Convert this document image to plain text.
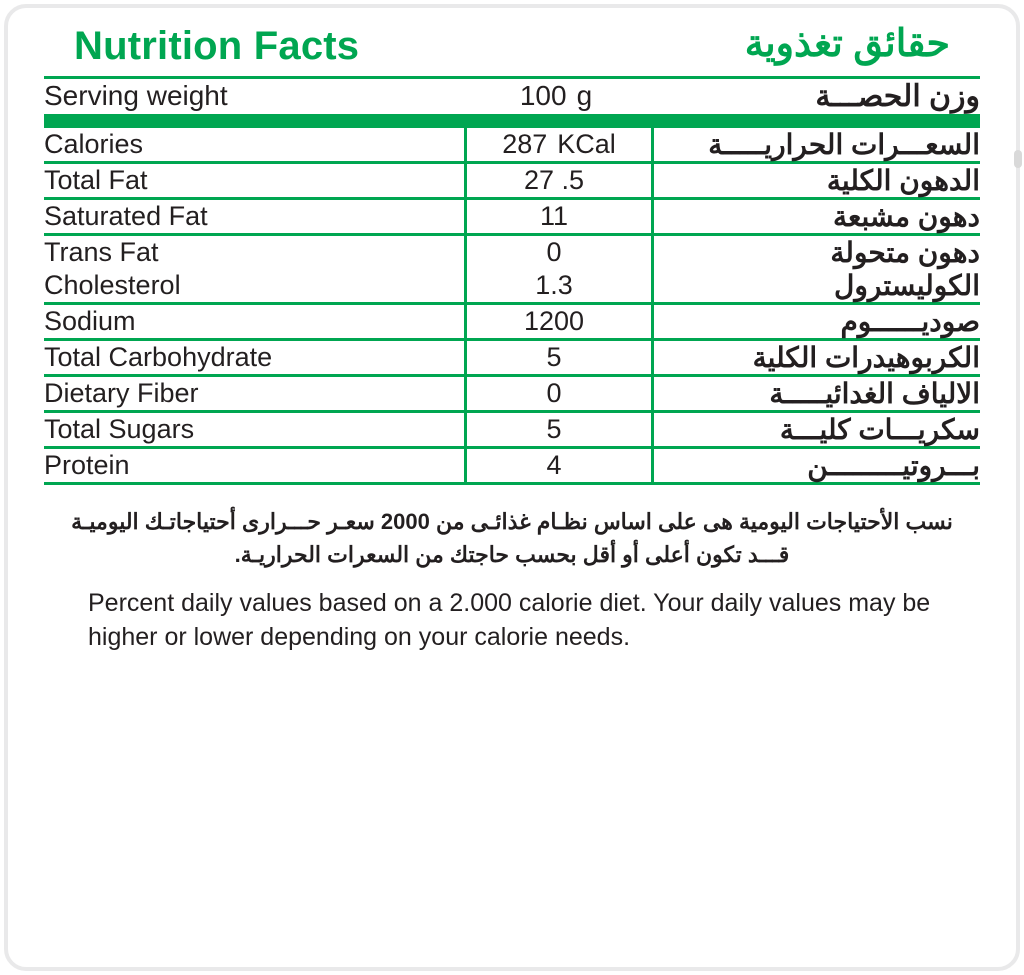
Nutrition Facts	حقائق تغذوية
Serving weight	100 g	وزن الحصـــة
Calories	287 KCal	السعـــرات الحرارﻳـــــة
Total Fat	27 .5	الدهون الكلية
Saturated Fat	11	دهون مشبعة
Trans Fat	0	دهون متحولة
Cholesterol	1.3	الكوليسترول
Sodium	1200	صودﻳــــــوم
Total Carbohydrate	5	الكربوهيدرات الكلية
Dietary Fiber	0	الالياف الغدائيـــــة
Total Sugars	5	سكرﻳـــات كليـــة
Protein	4	بـــروتيـــــــــن
نسب الأحتياجات اليومية هى على اساس نظـام غذائـى من 2000 سعـر حـــرارى أحتياجاتـك اليوميـة قـــد تكون أعلى أو أقل بحسب حاجتك من السعرات الحرارﻳـة.
Percent daily values based on a 2.000 calorie diet. Your daily values may be higher or lower depending on your calorie needs.
